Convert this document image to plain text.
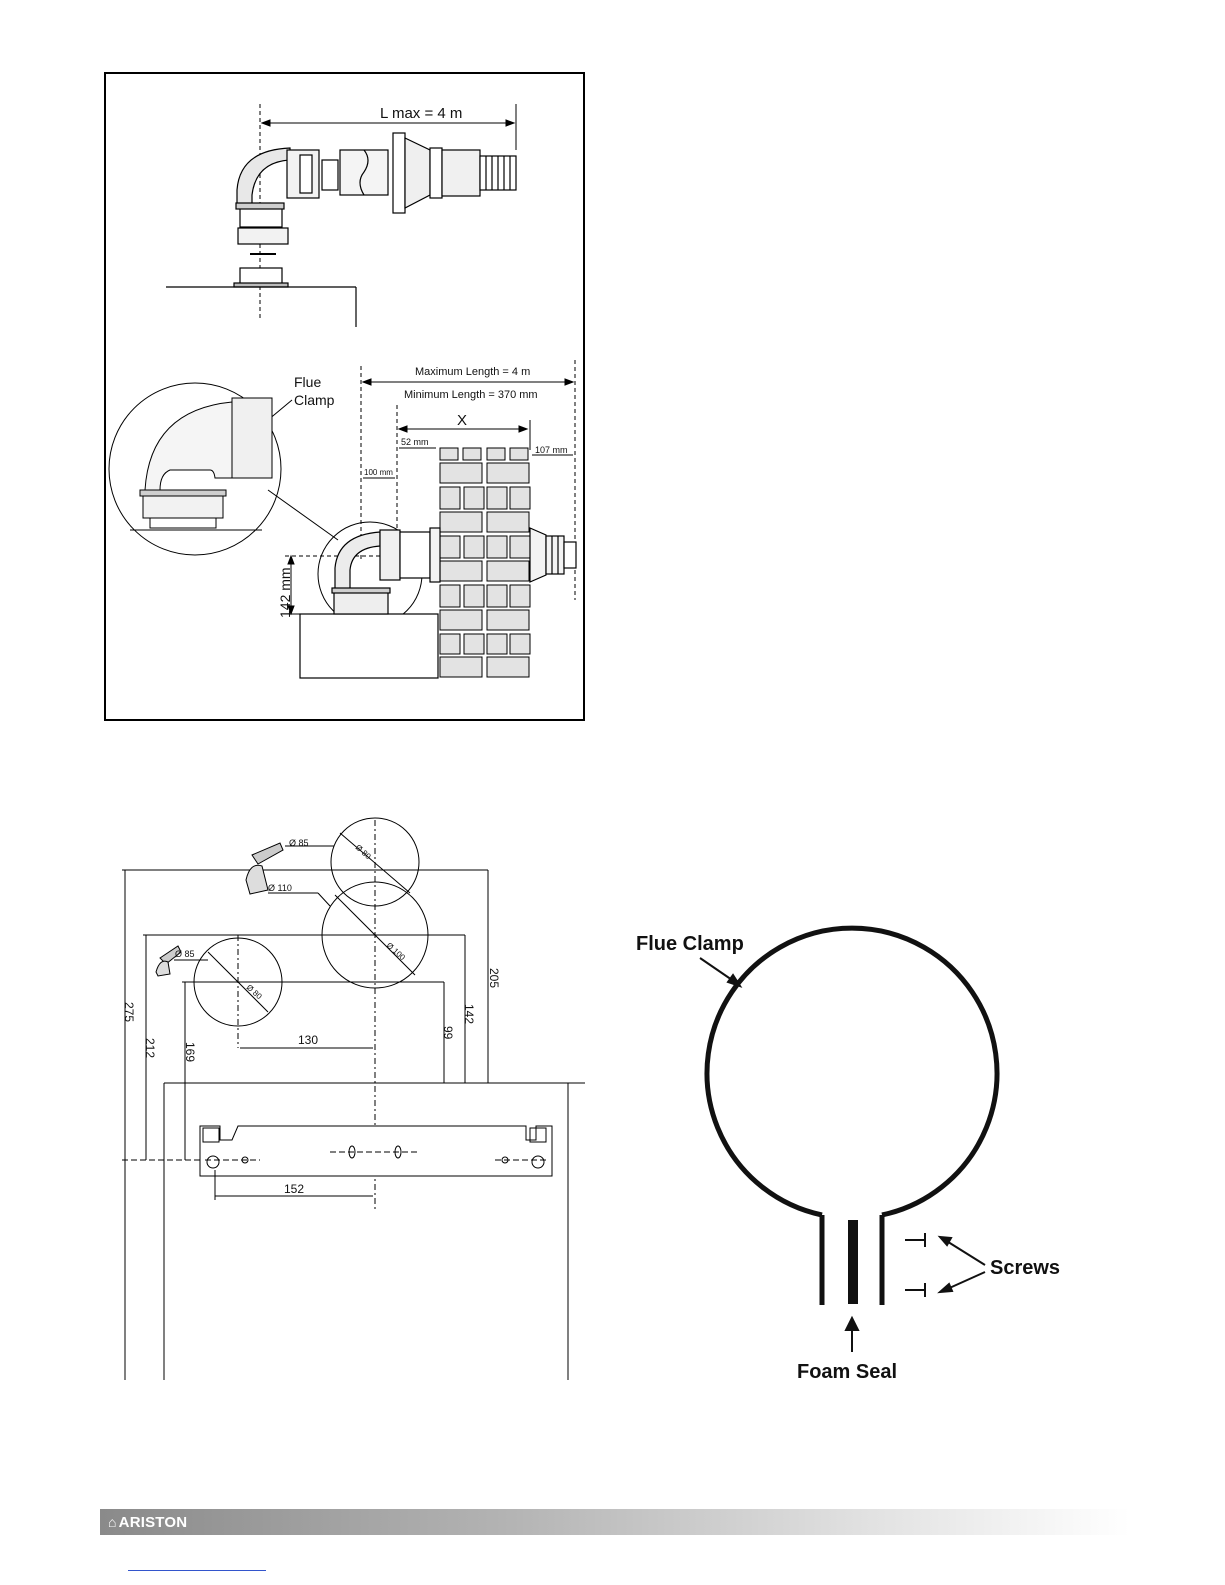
L max = 4 m
Maximum Length = 4 m
Minimum Length = 370 mm
X
52 mm
107 mm
100 mm
142 mm
Flue
Clamp
Ø 85	Ø 80
Ø 110
Ø 100
Ø 85
Ø 80
275
212 169
130
99
142
205
152
Flue Clamp
Screws
Foam Seal
⌂ ARISTON
